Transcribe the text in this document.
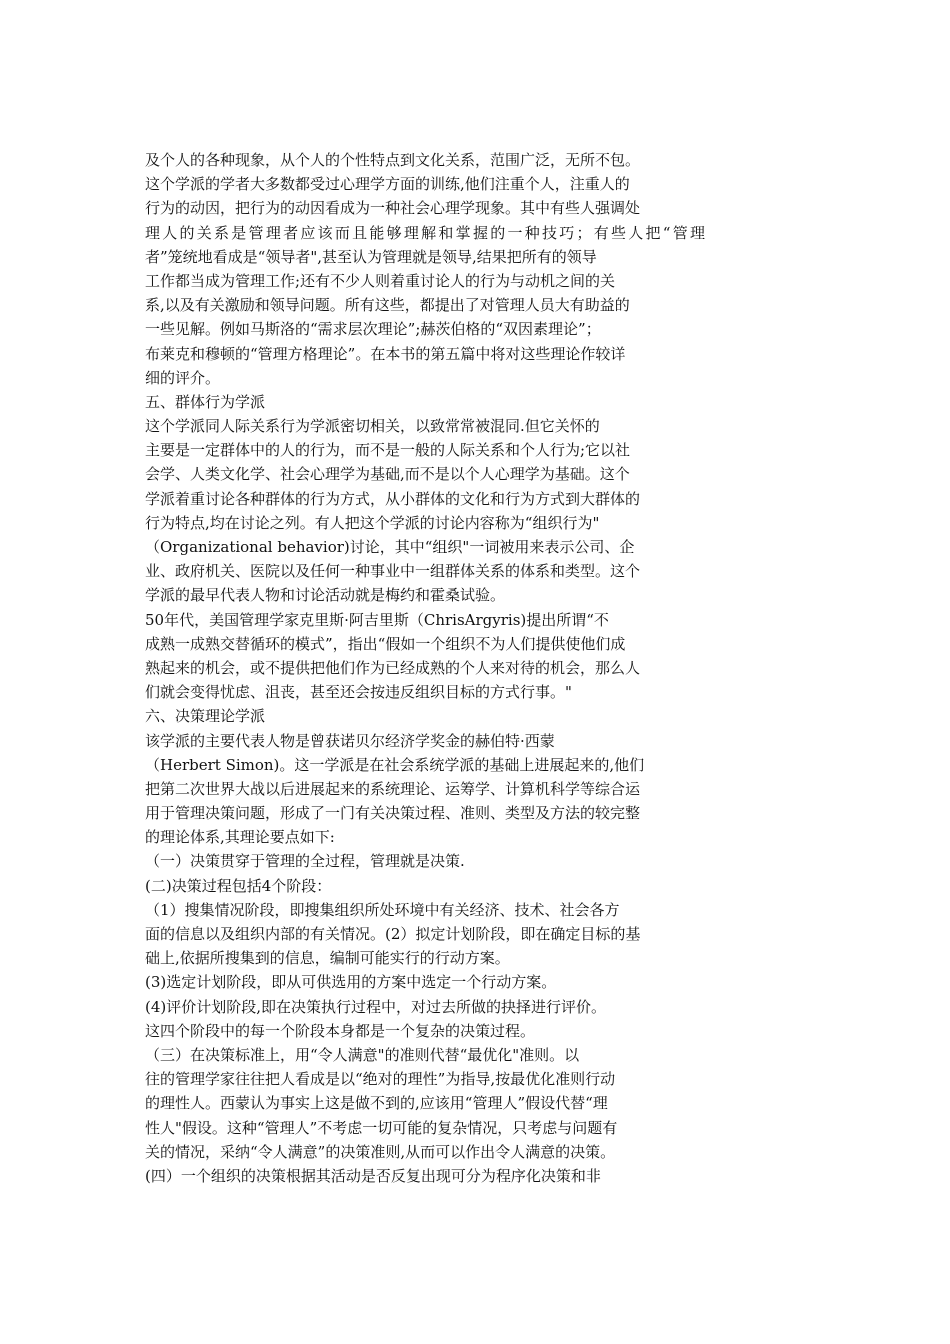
及个人的各种现象，从个人的个性特点到文化关系，范围广泛，无所不包。
这个学派的学者大多数都受过心理学方面的训练,他们注重个人，注重人的
行为的动因，把行为的动因看成为一种社会心理学现象。其中有些人强调处
理人的关系是管理者应该而且能够理解和掌握的一种技巧；有些人把“管理
者”笼统地看成是“领导者",甚至认为管理就是领导,结果把所有的领导
工作都当成为管理工作;还有不少人则着重讨论人的行为与动机之间的关
系,以及有关激励和领导问题。所有这些，都提出了对管理人员大有助益的
一些见解。例如马斯洛的“需求层次理论”;赫茨伯格的“双因素理论”；
布莱克和穆顿的“管理方格理论”。在本书的第五篇中将对这些理论作较详
细的评介。
五、群体行为学派
这个学派同人际关系行为学派密切相关，以致常常被混同.但它关怀的
主要是一定群体中的人的行为，而不是一般的人际关系和个人行为;它以社
会学、人类文化学、社会心理学为基础,而不是以个人心理学为基础。这个
学派着重讨论各种群体的行为方式，从小群体的文化和行为方式到大群体的
行为特点,均在讨论之列。有人把这个学派的讨论内容称为“组织行为"
（Organizational behavior)讨论，其中“组织"一词被用来表示公司、企
业、政府机关、医院以及任何一种事业中一组群体关系的体系和类型。这个
学派的最早代表人物和讨论活动就是梅约和霍桑试验。
50年代，美国管理学家克里斯·阿吉里斯（ChrisArgyris)提出所谓“不
成熟一成熟交替循环的模式”，指出“假如一个组织不为人们提供使他们成
熟起来的机会，或不提供把他们作为已经成熟的个人来对待的机会，那么人
们就会变得忧虑、沮丧，甚至还会按违反组织目标的方式行事。"
六、决策理论学派
该学派的主要代表人物是曾获诺贝尔经济学奖金的赫伯特·西蒙
（Herbert Simon)。这一学派是在社会系统学派的基础上进展起来的,他们
把第二次世界大战以后进展起来的系统理论、运筹学、计算机科学等综合运
用于管理决策问题，形成了一门有关决策过程、准则、类型及方法的较完整
的理论体系,其理论要点如下:
（一）决策贯穿于管理的全过程，管理就是决策.
(二)决策过程包括4个阶段：
（1）搜集情况阶段，即搜集组织所处环境中有关经济、技术、社会各方
面的信息以及组织内部的有关情况。(2）拟定计划阶段，即在确定目标的基
础上,依据所搜集到的信息，编制可能实行的行动方案。
(3)选定计划阶段，即从可供选用的方案中选定一个行动方案。
(4)评价计划阶段,即在决策执行过程中，对过去所做的抉择进行评价。
这四个阶段中的每一个阶段本身都是一个复杂的决策过程。
（三）在决策标准上，用“令人满意"的准则代替“最优化"准则。以
往的管理学家往往把人看成是以“绝对的理性”为指导,按最优化准则行动
的理性人。西蒙认为事实上这是做不到的,应该用“管理人”假设代替“理
性人"假设。这种“管理人”不考虑一切可能的复杂情况，只考虑与问题有
关的情况，采纳“令人满意”的决策准则,从而可以作出令人满意的决策。
(四）一个组织的决策根据其活动是否反复出现可分为程序化决策和非
